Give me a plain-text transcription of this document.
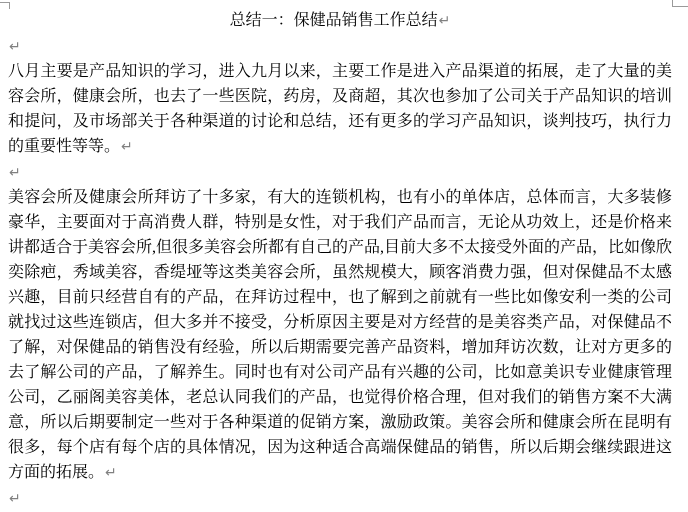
总结一：保健品销售工作总结↵
↵
八月主要是产品知识的学习，进入九月以来，主要工作是进入产品渠道的拓展，走了大量的美容会所，健康会所，也去了一些医院，药房，及商超，其次也参加了公司关于产品知识的培训和提问，及市场部关于各种渠道的讨论和总结，还有更多的学习产品知识，谈判技巧，执行力的重要性等等。↵
↵
美容会所及健康会所拜访了十多家，有大的连锁机构，也有小的单体店，总体而言，大多装修豪华，主要面对于高消费人群，特别是女性，对于我们产品而言，无论从功效上，还是价格来讲都适合于美容会所,但很多美容会所都有自己的产品,目前大多不太接受外面的产品，比如像欣奕除疤，秀域美容，香缇垭等这类美容会所，虽然规模大，顾客消费力强，但对保健品不太感兴趣，目前只经营自有的产品，在拜访过程中，也了解到之前就有一些比如像安利一类的公司就找过这些连锁店，但大多并不接受，分析原因主要是对方经营的是美容类产品，对保健品不了解，对保健品的销售没有经验，所以后期需要完善产品资料，增加拜访次数，让对方更多的去了解公司的产品，了解养生。同时也有对公司产品有兴趣的公司，比如意美识专业健康管理公司，乙丽阁美容美体，老总认同我们的产品，也觉得价格合理，但对我们的销售方案不大满意，所以后期要制定一些对于各种渠道的促销方案，激励政策。美容会所和健康会所在昆明有很多，每个店有每个店的具体情况，因为这种适合高端保健品的销售，所以后期会继续跟进这方面的拓展。↵
↵
